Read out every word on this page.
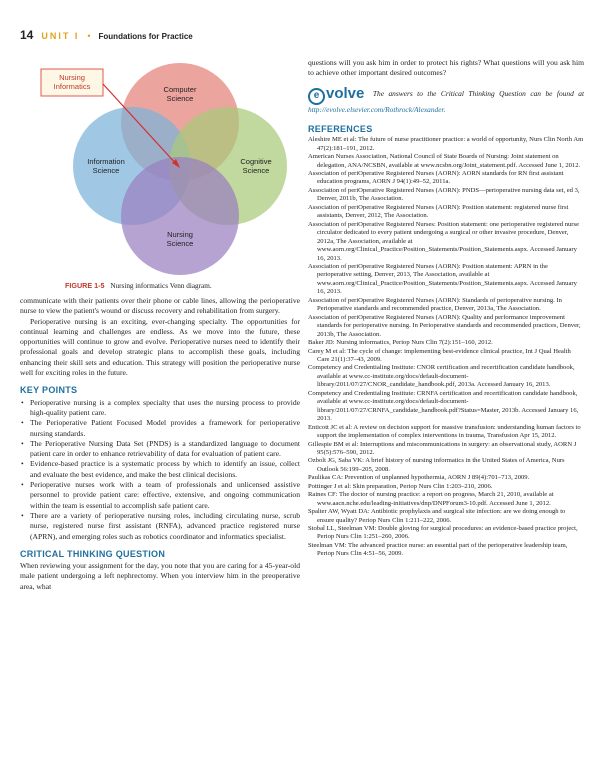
14 UNIT I • Foundations for Practice
Nursing
Informatics	Computer
Science
Information
Science
Cognitive
Science
Nursing
Science
FIGURE 1-5 Nursing informatics Venn diagram.

communicate with their patients over their phone or cable lines, allowing the perioperative nurse to view the patient's wound or discuss recovery and rehabilitation from surgery.

Perioperative nursing is an exciting, ever-changing specialty. The opportunities for continual learning and challenges are endless. As we move into the future, these opportunities will continue to grow and evolve. Perioperative nurses need to identify their professional goals and develop strategic plans to accomplish these goals, including enhancing their skill sets and education. This strategy will position the perioperative nurse well for exciting roles in the future.

KEY POINTS
• Perioperative nursing is a complex specialty that uses the nursing process to provide high-quality patient care.
• The Perioperative Patient Focused Model provides a framework for perioperative nursing standards.
• The Perioperative Nursing Data Set (PNDS) is a standardized language to document patient care in order to enhance retrievability of data for evaluation of patient care.
• Evidence-based practice is a systematic process by which to identify an issue, collect and evaluate the best evidence, and make the best clinical decisions.
• Perioperative nurses work with a team of professionals and unlicensed assistive personnel to provide patient care: effective, extensive, and ongoing communication within the team is essential to accomplish safe patient care.
• There are a variety of perioperative nursing roles, including circulating nurse, scrub nurse, registered nurse first assistant (RNFA), advanced practice registered nurse (APRN), and emerging roles such as robotics coordinator and informatics specialist.
CRITICAL THINKING QUESTION

When reviewing your assignment for the day, you note that you are caring for a 45-year-old male patient undergoing a left nephrectomy. When you interview him in the preoperative area, what

questions will you ask him in order to protect his rights? What questions will you ask him to achieve other important desired outcomes?

e volve The answers to the Critical Thinking Question can be found at http://evolve.elsevier.com/Rothrock/Alexander.
REFERENCES

Aleshire ME et al: The future of nurse practitioner practice: a world of opportunity, Nurs Clin North Am 47(2):181–191, 2012.

American Nurses Association, National Council of State Boards of Nursing: Joint statement on delegation, ANA/NCSBN, available at www.ncsbn.org/Joint_statement.pdf. Accessed June 1, 2012.

Association of periOperative Registered Nurses (AORN): AORN standards for RN first assistant education programs, AORN J 94(1):49–52, 2011a.

Association of periOperative Registered Nurses (AORN): PNDS—perioperative nursing data set, ed 3, Denver, 2011b, The Association.

Association of periOperative Registered Nurses (AORN): Position statement: registered nurse first assistants, Denver, 2012, The Association.

Association of periOperative Registered Nurses: Position statement: one perioperative registered nurse circulator dedicated to every patient undergoing a surgical or other invasive procedure, Denver, 2012a, The Association, available at www.aorn.org/Clinical_Practice/Position_Statements/Position_Statements.aspx. Accessed January 16, 2013.

Association of periOperative Registered Nurses (AORN): Position statement: APRN in the perioperative setting, Denver, 2013, The Association, available at www.aorn.org/Clinical_Practice/Position_Statements/Position_Statements.aspx. Accessed January 16, 2013.

Association of periOperative Registered Nurses (AORN): Standards of perioperative nursing. In Perioperative standards and recommended practice, Denver, 2013a, The Association.

Association of periOperative Registered Nurses (AORN): Quality and performance improvement standards for perioperative nursing. In Perioperative standards and recommended practices, Denver, 2013b, The Association.

Baker JD: Nursing informatics, Periop Nurs Clin 7(2):151–160, 2012.

Carey M et al: The cycle of change: implementing best-evidence clinical practice, Int J Qual Health Care 21(1):37–43, 2009.

Competency and Credentialing Institute: CNOR certification and recertification candidate handbook, available at www.cc-institute.org/docs/default-document-library/2011/07/27/CNOR_candidate_handbook.pdf, 2013a. Accessed January 16, 2013.

Competency and Credentialing Institute: CRNFA certification and recertification candidate handbook, available at www.cc-institute.org/docs/default-document-library/2011/07/27/CRNFA_candidate_handbook.pdf?Status=Master, 2013b. Accessed January 16, 2013.

Enticott JC et al: A review on decision support for massive transfusion: understanding human factors to support the implementation of complex interventions in trauma, Transfusion Apr 15, 2012.

Gillespie BM et al: Interruptions and miscommunications in surgery: an observational study, AORN J 95(5):576–590, 2012.

Ozbolt JG, Saba VK: A brief history of nursing informatics in the United States of America, Nurs Outlook 56:199–205, 2008.

Paulikas CA: Prevention of unplanned hypothermia, AORN J 89(4):701–713, 2009.

Pottinger J et al: Skin preparation, Periop Nurs Clin 1:203–210, 2006.

Raines CF: The doctor of nursing practice: a report on progress, March 21, 2010, available at www.aacn.nche.edu/leading-initiatives/dnp/DNPForum3-10.pdf. Accessed June 1, 2012.

Spalter AW, Wyatt DA: Antibiotic prophylaxis and surgical site infection: are we doing enough to ensure quality? Periop Nurs Clin 1:211–222, 2006.

Stobaî LL, Steelman VM: Double gloving for surgical procedures: an evidence-based practice project, Periop Nurs Clin 1:251–260, 2006.

Steelman VM: The advanced practice nurse: an essential part of the perioperative leadership team, Periop Nurs Clin 4:51–56, 2009.
